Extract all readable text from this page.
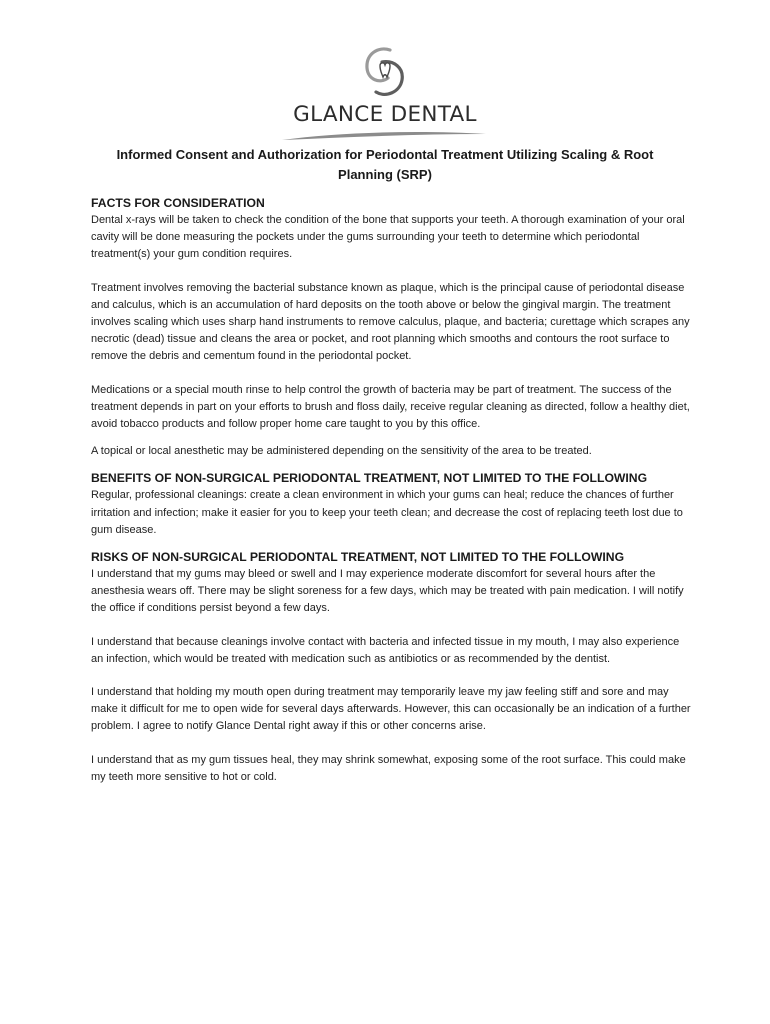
GLANCE DENTAL
Informed Consent and Authorization for Periodontal Treatment Utilizing Scaling & Root Planning (SRP)

FACTS FOR CONSIDERATION

Dental x-rays will be taken to check the condition of the bone that supports your teeth. A thorough examination of your oral cavity will be done measuring the pockets under the gums surrounding your teeth to determine which periodontal treatment(s) your gum condition requires.

Treatment involves removing the bacterial substance known as plaque, which is the principal cause of periodontal disease and calculus, which is an accumulation of hard deposits on the tooth above or below the gingival margin. The treatment involves scaling which uses sharp hand instruments to remove calculus, plaque, and bacteria; curettage which scrapes any necrotic (dead) tissue and cleans the area or pocket, and root planning which smooths and contours the root surface to remove the debris and cementum found in the periodontal pocket.

Medications or a special mouth rinse to help control the growth of bacteria may be part of treatment. The success of the treatment depends in part on your efforts to brush and floss daily, receive regular cleaning as directed, follow a healthy diet, avoid tobacco products and follow proper home care taught to you by this office.

A topical or local anesthetic may be administered depending on the sensitivity of the area to be treated.

BENEFITS OF NON-SURGICAL PERIODONTAL TREATMENT, NOT LIMITED TO THE FOLLOWING

Regular, professional cleanings: create a clean environment in which your gums can heal; reduce the chances of further irritation and infection; make it easier for you to keep your teeth clean; and decrease the cost of replacing teeth lost due to gum disease.

RISKS OF NON-SURGICAL PERIODONTAL TREATMENT, NOT LIMITED TO THE FOLLOWING

I understand that my gums may bleed or swell and I may experience moderate discomfort for several hours after the anesthesia wears off. There may be slight soreness for a few days, which may be treated with pain medication. I will notify the office if conditions persist beyond a few days.

I understand that because cleanings involve contact with bacteria and infected tissue in my mouth, I may also experience an infection, which would be treated with medication such as antibiotics or as recommended by the dentist.

I understand that holding my mouth open during treatment may temporarily leave my jaw feeling stiff and sore and may make it difficult for me to open wide for several days afterwards. However, this can occasionally be an indication of a further problem. I agree to notify Glance Dental right away if this or other concerns arise.

I understand that as my gum tissues heal, they may shrink somewhat, exposing some of the root surface. This could make my teeth more sensitive to hot or cold.
